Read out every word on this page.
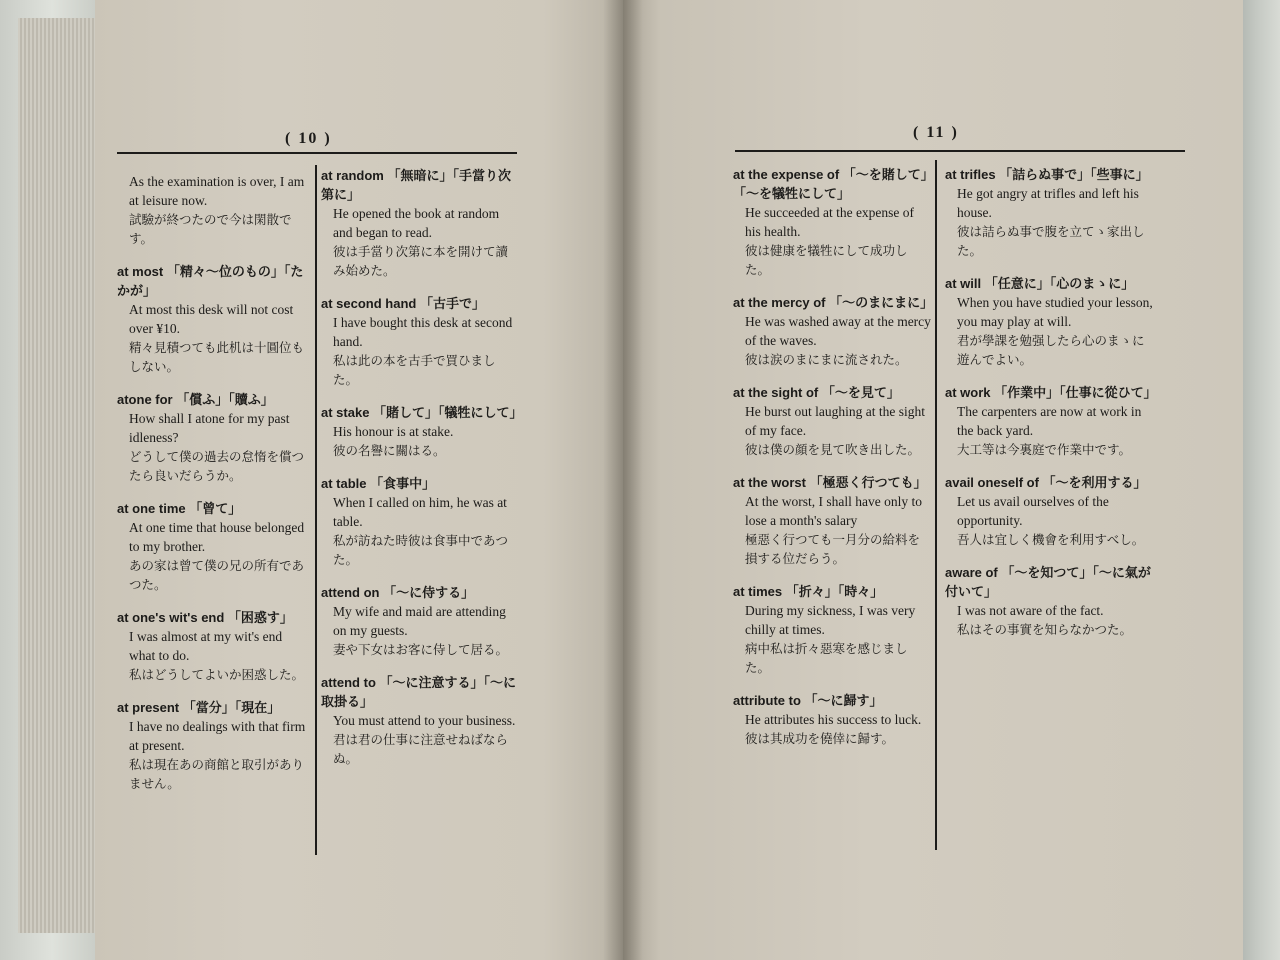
( 10 )
As the examination is over, I am at leisure now.
試驗が終つたので今は閑散です。
at most 「精々～位のもの」「たかが」
At most this desk will not cost over ¥10.
精々見積つても此机は十圓位もしない。
atone for 「償ふ」「贖ふ」
How shall I atone for my past idleness?
どうして僕の過去の怠惰を償つたら良いだらうか。
at one time 「曾て」
At one time that house belonged to my brother.
あの家は曾て僕の兄の所有であつた。
at one's wit's end 「困惑す」
I was almost at my wit's end what to do.
私はどうしてよいか困惑した。
at present 「當分」「現在」
I have no dealings with that firm at present.
私は現在あの商館と取引がありません。
at random 「無暗に」「手當り次第に」
He opened the book at random and began to read.
彼は手當り次第に本を開けて讀み始めた。
at second hand 「古手で」
I have bought this desk at second hand.
私は此の本を古手で買ひました。
at stake 「賭して」「犠牲にして」
His honour is at stake.
彼の名譽に關はる。
at table 「食事中」
When I called on him, he was at table.
私が訪ねた時彼は食事中であつた。
attend on 「～に侍する」
My wife and maid are attending on my guests.
妻や下女はお客に侍して居る。
attend to 「～に注意する」「～に取掛る」
You must attend to your business.
君は君の仕事に注意せねばならぬ。
( 11 )
at the expense of 「～を賭して」「～を犠牲にして」
He succeeded at the expense of his health.
彼は健康を犠牲にして成功した。
at the mercy of 「～のまにまに」
He was washed away at the mercy of the waves.
彼は涙のまにまに流された。
at the sight of 「～を見て」
He burst out laughing at the sight of my face.
彼は僕の顔を見て吹き出した。
at the worst 「極惡く行つても」
At the worst, I shall have only to lose a month's salary
極惡く行つても一月分の給料を損する位だらう。
at times 「折々」「時々」
During my sickness, I was very chilly at times.
病中私は折々惡寒を感じました。
attribute to 「～に歸す」
He attributes his success to luck.
彼は其成功を僥倖に歸す。
at trifles 「詰らぬ事で」「些事に」
He got angry at trifles and left his house.
彼は詰らぬ事で腹を立てゝ家出した。
at will 「任意に」「心のまゝに」
When you have studied your lesson, you may play at will.
君が學課を勉强したら心のまゝに遊んでよい。
at work 「作業中」「仕事に從ひて」
The carpenters are now at work in the back yard.
大工等は今裏庭で作業中です。
avail oneself of 「～を利用する」
Let us avail ourselves of the opportunity.
吾人は宜しく機會を利用すべし。
aware of 「～を知つて」「～に氣が付いて」
I was not aware of the fact.
私はその事實を知らなかつた。
